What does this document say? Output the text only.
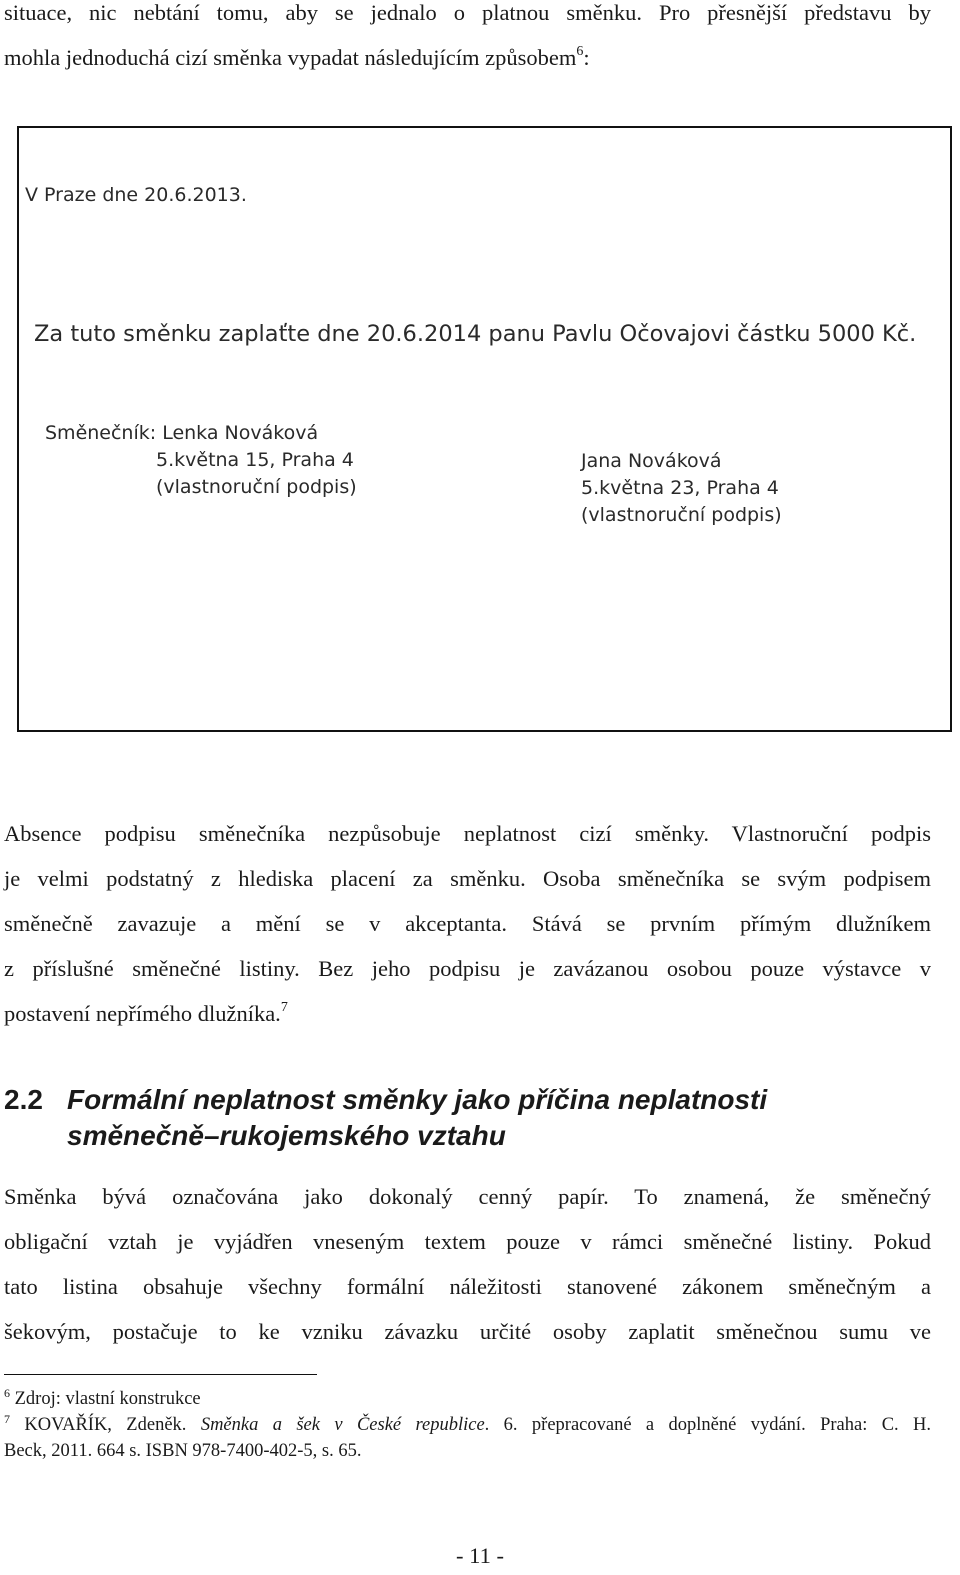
situace, nic nebtání tomu, aby se jednalo o platnou směnku. Pro přesnější představu by
mohla jednoduchá cizí směnka vypadat následujícím způsobem$^6$:
V Praze dne 20.6.2013.
Za tuto směnku zaplaťte dne 20.6.2014 panu Pavlu Očovajovi částku 5000 Kč.
Směnečník: Lenka Nováková
5.května 15, Praha 4
(vlastnoruční podpis)
Jana Nováková
5.května 23, Praha 4
(vlastnoruční podpis)
Absence podpisu směnečníka nezpůsobuje neplatnost cizí směnky. Vlastnoruční podpis
je velmi podstatný z hlediska placení za směnku. Osoba směnečníka se svým podpisem
směnečně zavazuje a mění se v akceptanta. Stává se prvním přímým dlužníkem
z příslušné směnečné listiny. Bez jeho podpisu je zavázanou osobou pouze výstavce v
postavení nepřímého dlužníka.$^7$
2.2 Formální neplatnost směnky jako příčina neplatnosti
směnečně–rukojemského vztahu
Směnka bývá označována jako dokonalý cenný papír. To znamená, že směnečný
obligační vztah je vyjádřen vneseným textem pouze v rámci směnečné listiny. Pokud
tato listina obsahuje všechny formální náležitosti stanovené zákonem směnečným a
šekovým, postačuje to ke vzniku závazku určité osoby zaplatit směnečnou sumu ve
$^6$ Zdroj: vlastní konstrukce
$^7$ KOVAŘÍK, Zdeněk. Směnka a šek v České republice. 6. přepracované a doplněné vydání. Praha: C. H.
Beck, 2011. 664 s. ISBN 978-7400-402-5, s. 65.
- 11 -
